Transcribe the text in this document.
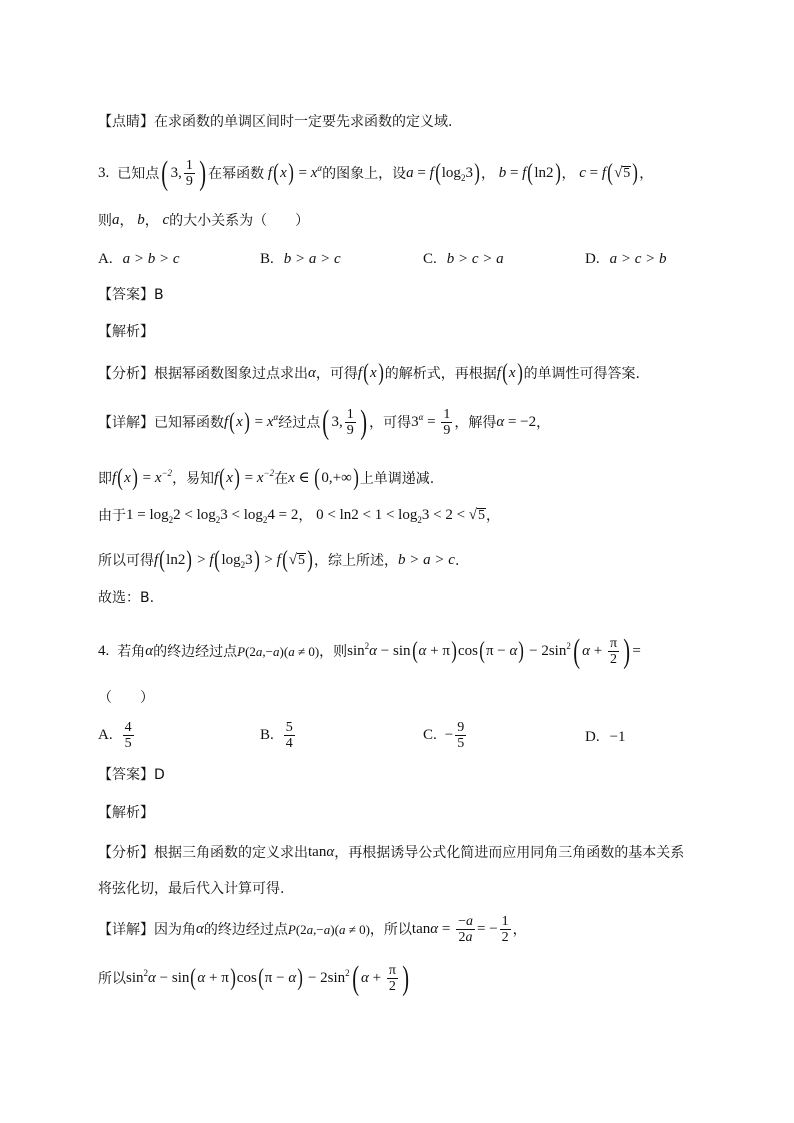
【点睛】在求函数的单调区间时一定要先求函数的定义域.
3. 已知点 ( 3, $\frac{1}{9}$ ) 在幂函数 f ( x ) = $x^\alpha$ 的图象上，设 a = f ( $\log_23$ ) ， b = f ( ln2 ) ， c = f ( √ 5 ) ，
则 a ， b ， c 的大小关系为（　　）
A. a > b > c	B. b > a > c	C. b > c > a	D. a > c > b
【答案】B
【解析】
【分析】根据幂函数图象过点求出 α ，可得 f ( x ) 的解析式，再根据 f ( x ) 的单调性可得答案.
【详解】已知幂函数 f ( x ) = $x^\alpha$ 经过点 ( 3, $\frac{1}{9}$ ) ，可得 $3^\alpha = \frac{1}{9}$ ，解得 α = −2 ，
即 f ( x ) = $x^{-2}$ ，易知 f ( x ) = $x^{-2}$ 在 x ∈ ( 0,+∞ ) 上单调递减.
由于 $1 = \log_22 < \log_23 < \log_24 = 2$ ， $0 < \ln 2 < 1 < \log_23 < 2$ < √ 5 ，
所以可得 f ( ln2 ) > f ( $\log_23$ ) > f ( √ 5 ) ，综上所述， b > a > c .
故选：B.
4. 若角 α 的终边经过点 P (2a,−a)(a ≠ 0) ，则 $\sin^2\alpha - \sin$ ( α + π ) cos ( π − α ) − $2\sin^2$ ( $\alpha + \frac{\pi}{2}$ ) =
（　　）
A. $\frac{4}{5}$	B. $\frac{5}{4}$	C. − $\frac{9}{5}$	D. −1
【答案】D
【解析】
【分析】根据三角函数的定义求出 tanα ，再根据诱导公式化简进而应用同角三角函数的基本关系
将弦化切，最后代入计算可得.
【详解】因为角 α 的终边经过点 P (2a,−a)(a ≠ 0) ，所以 $\tan\alpha = \frac{-a}{2a}$ = − $\frac{1}{2}$ ，
所以 $\sin^2\alpha - \sin$ ( α + π ) cos ( π − α ) − $2\sin^2$ ( $\alpha + \frac{\pi}{2}$ )
